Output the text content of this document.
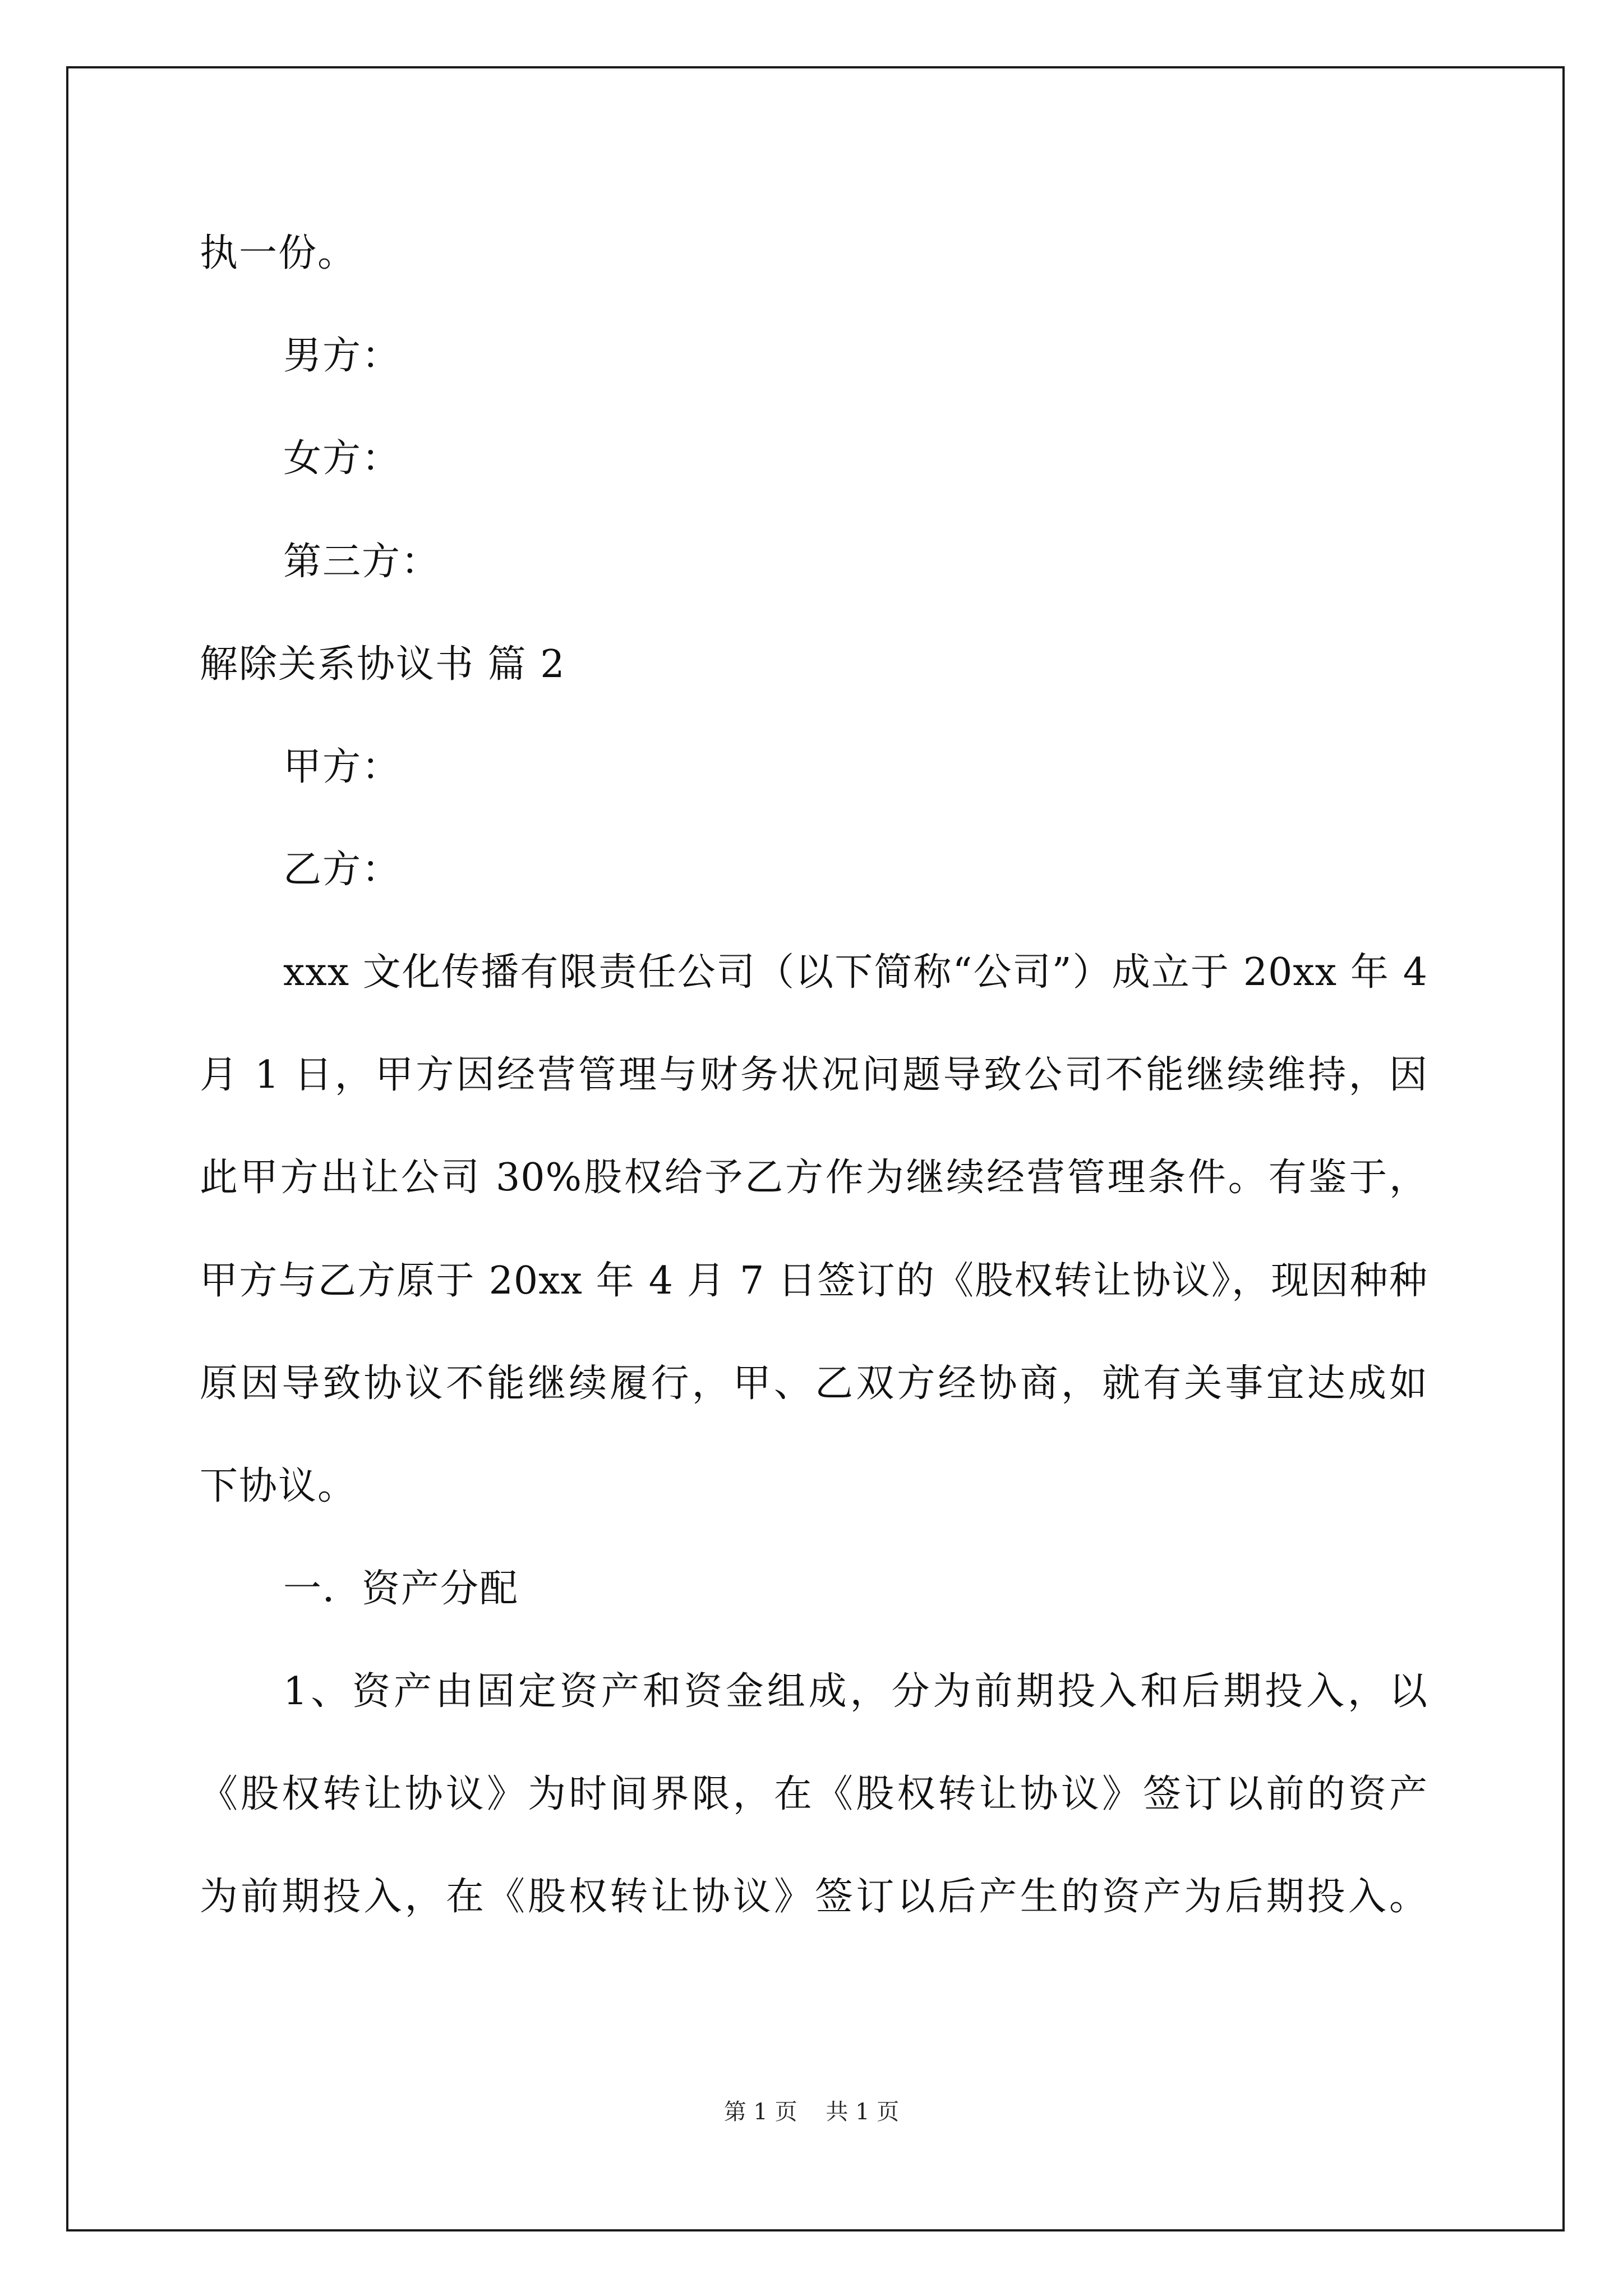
执一份。
男方：
女方：
第三方：
解除关系协议书 篇 2
甲方：
乙方：
xxx 文化传播有限责任公司（以下简称“公司”）成立于 20xx 年 4
月 1 日，甲方因经营管理与财务状况问题导致公司不能继续维持，因
此甲方出让公司 30%股权给予乙方作为继续经营管理条件。有鉴于，
甲方与乙方原于 20xx 年 4 月 7 日签订的《股权转让协议》，现因种种
原因导致协议不能继续履行，甲、乙双方经协商，就有关事宜达成如
下协议。
一．资产分配
1、资产由固定资产和资金组成，分为前期投入和后期投入，以
《股权转让协议》为时间界限，在《股权转让协议》签订以前的资产
为前期投入，在《股权转让协议》签订以后产生的资产为后期投入。
第 1 页    共 1 页
